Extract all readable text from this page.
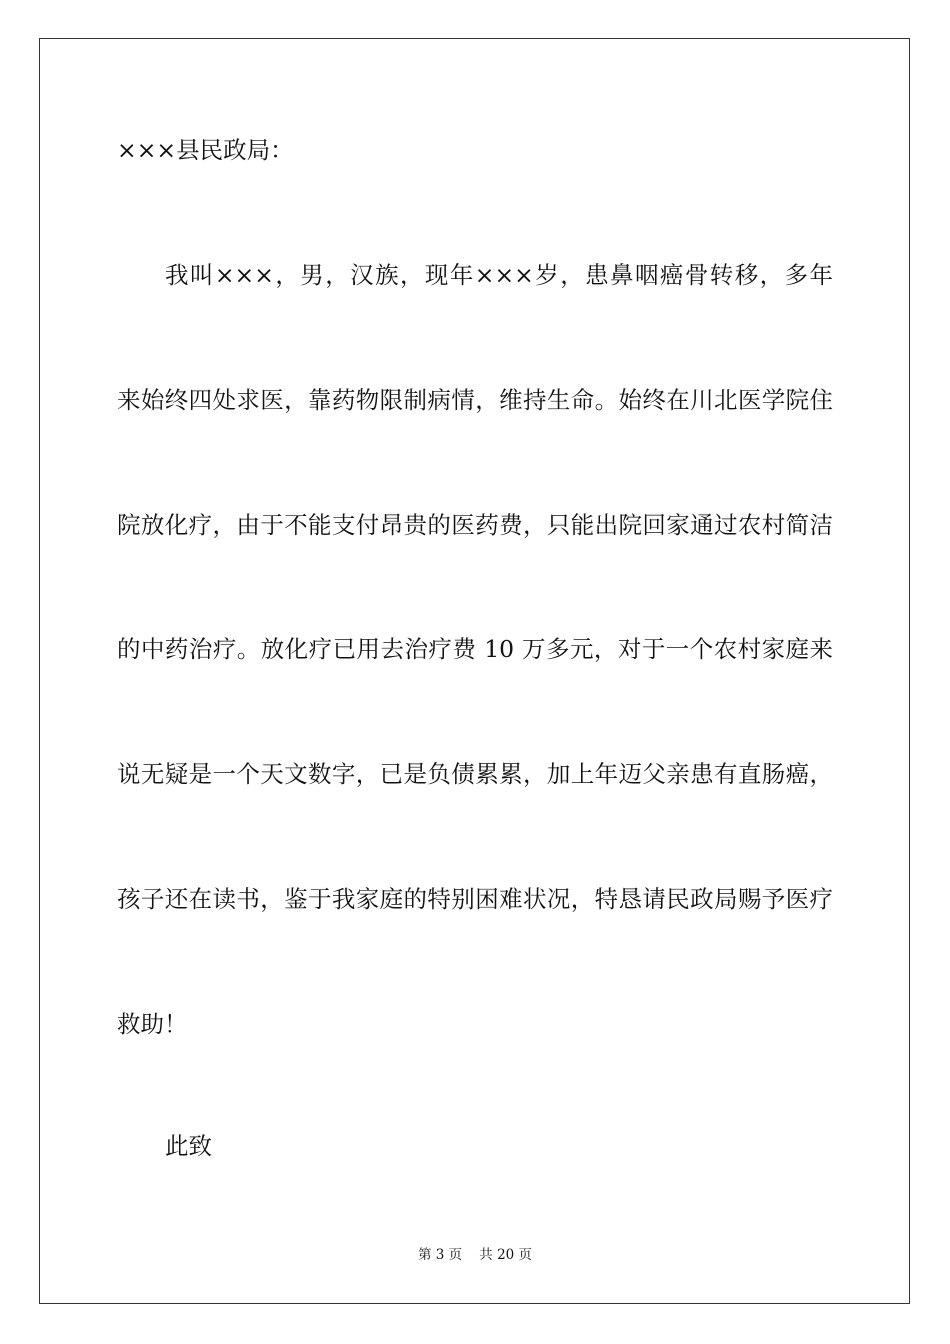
×××县民政局：
我叫×××，男，汉族，现年×××岁，患鼻咽癌骨转移，多年
来始终四处求医，靠药物限制病情，维持生命。始终在川北医学院住
院放化疗，由于不能支付昂贵的医药费，只能出院回家通过农村简洁
的中药治疗。放化疗已用去治疗费 10 万多元，对于一个农村家庭来
说无疑是一个天文数字，已是负债累累，加上年迈父亲患有直肠癌，
孩子还在读书，鉴于我家庭的特别困难状况，特恳请民政局赐予医疗
救助！
此致
第 3 页    共 20 页
